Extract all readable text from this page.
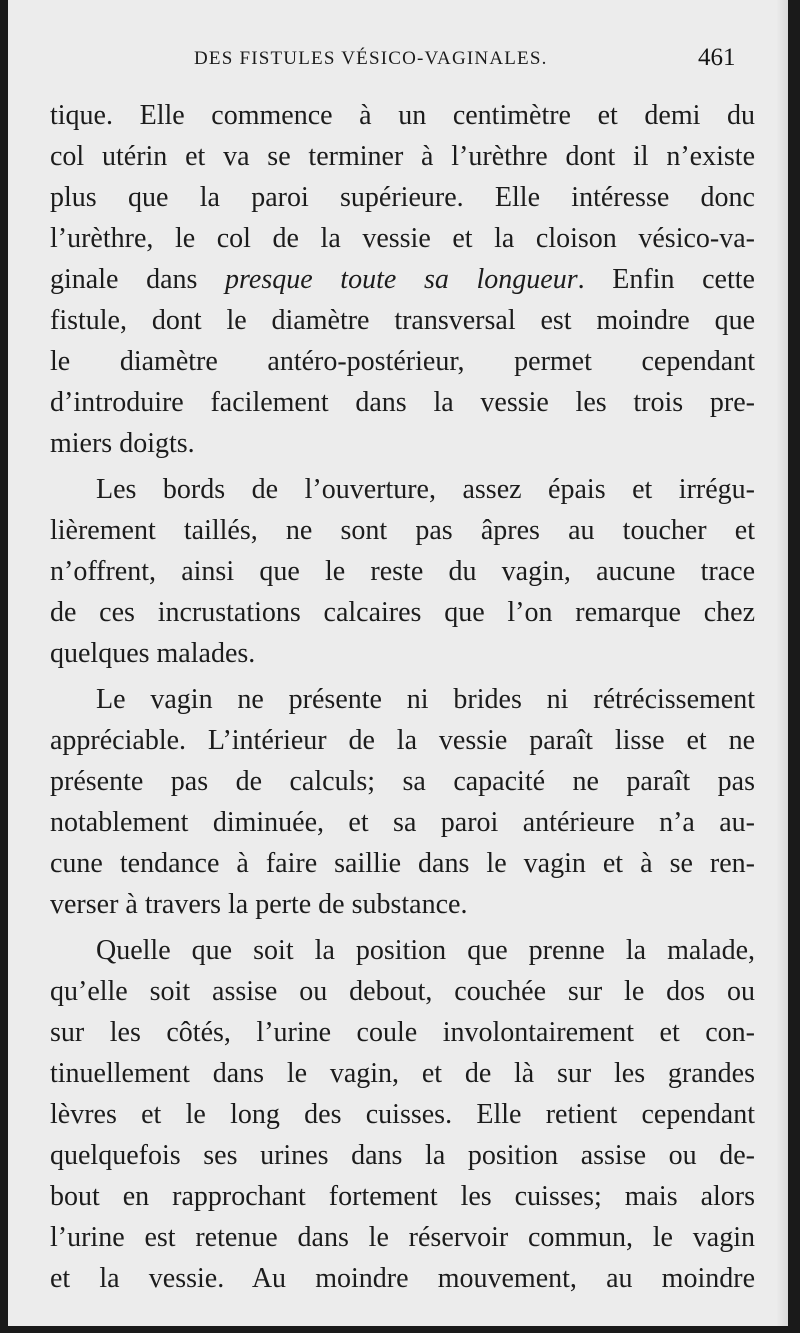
DES FISTULES VÉSICO-VAGINALES.	461
tique. Elle commence à un centimètre et demi du
col utérin et va se terminer à l’urèthre dont il n’existe
plus que la paroi supérieure. Elle intéresse donc
l’urèthre, le col de la vessie et la cloison vésico-va-
ginale dans presque toute sa longueur. Enfin cette
fistule, dont le diamètre transversal est moindre que
le diamètre antéro-postérieur, permet cependant
d’introduire facilement dans la vessie les trois pre-
miers doigts.
Les bords de l’ouverture, assez épais et irrégu-
lièrement taillés, ne sont pas âpres au toucher et
n’offrent, ainsi que le reste du vagin, aucune trace
de ces incrustations calcaires que l’on remarque chez
quelques malades.
Le vagin ne présente ni brides ni rétrécissement
appréciable. L’intérieur de la vessie paraît lisse et ne
présente pas de calculs; sa capacité ne paraît pas
notablement diminuée, et sa paroi antérieure n’a au-
cune tendance à faire saillie dans le vagin et à se ren-
verser à travers la perte de substance.
Quelle que soit la position que prenne la malade,
qu’elle soit assise ou debout, couchée sur le dos ou
sur les côtés, l’urine coule involontairement et con-
tinuellement dans le vagin, et de là sur les grandes
lèvres et le long des cuisses. Elle retient cependant
quelquefois ses urines dans la position assise ou de-
bout en rapprochant fortement les cuisses; mais alors
l’urine est retenue dans le réservoir commun, le vagin
et la vessie. Au moindre mouvement, au moindre
